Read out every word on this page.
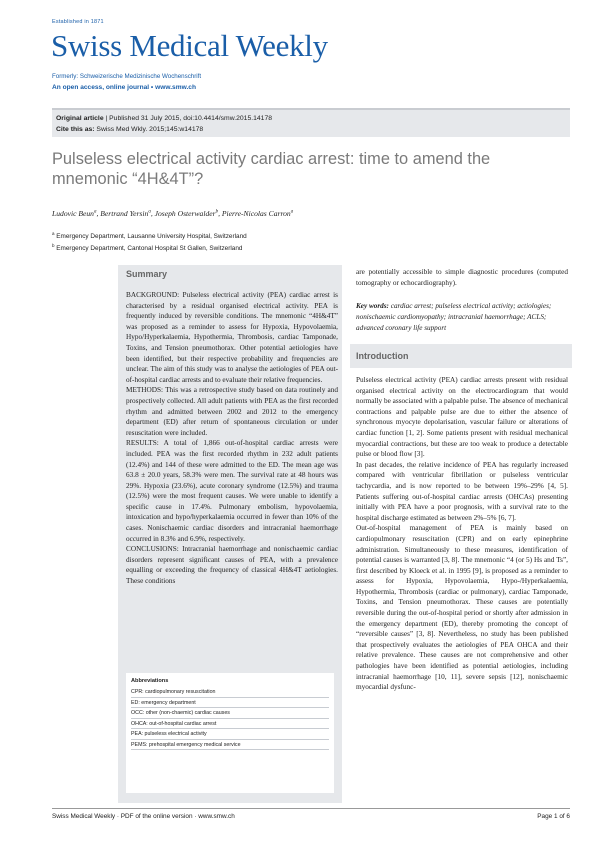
Established in 1871
Swiss Medical Weekly
Formerly: Schweizerische Medizinische Wochenschrift
An open access, online journal • www.smw.ch
Original article | Published 31 July 2015, doi:10.4414/smw.2015.14178
Cite this as: Swiss Med Wkly. 2015;145:w14178
Pulseless electrical activity cardiac arrest: time to amend the mnemonic “4H&4T”?
Ludovic Beun$^a$, Bertrand Yersin$^a$, Joseph Osterwalder$^b$, Pierre-Nicolas Carron$^a$
$^a$ Emergency Department, Lausanne University Hospital, Switzerland
$^b$ Emergency Department, Cantonal Hospital St Gallen, Switzerland
Summary

BACKGROUND: Pulseless electrical activity (PEA) cardiac arrest is characterised by a residual organised electrical activity. PEA is frequently induced by reversible conditions. The mnemonic “4H&4T” was proposed as a reminder to assess for Hypoxia, Hypovolaemia, Hypo/Hyperkalaemia, Hypothermia, Thrombosis, cardiac Tamponade, Toxins, and Tension pneumothorax. Other potential aetiologies have been identified, but their respective probability and frequencies are unclear. The aim of this study was to analyse the aetiologies of PEA out-of-hospital cardiac arrests and to evaluate their relative frequencies.

METHODS: This was a retrospective study based on data routinely and prospectively collected. All adult patients with PEA as the first recorded rhythm and admitted between 2002 and 2012 to the emergency department (ED) after return of spontaneous circulation or under resuscitation were included.

RESULTS: A total of 1,866 out-of-hospital cardiac arrests were included. PEA was the first recorded rhythm in 232 adult patients (12.4%) and 144 of these were admitted to the ED. The mean age was 63.8 ± 20.0 years, 58.3% were men. The survival rate at 48 hours was 29%. Hypoxia (23.6%), acute coronary syndrome (12.5%) and trauma (12.5%) were the most frequent causes. We were unable to identify a specific cause in 17.4%. Pulmonary embolism, hypovolaemia, intoxication and hypo/hyperkalaemia occurred in fewer than 10% of the cases. Nonischaemic cardiac disorders and intracranial haemorrhage occurred in 8.3% and 6.9%, respectively.

CONCLUSIONS: Intracranial haemorrhage and nonischaemic cardiac disorders represent significant causes of PEA, with a prevalence equalling or exceeding the frequency of classical 4H&4T aetiologies. These conditions

Abbreviations
CPR: cardiopulmonary resuscitation
ED: emergency department
OCC: other (non-chaemic) cardiac causes
OHCA: out-of-hospital cardiac arrest
PEA: pulseless electrical activity
PEMS: prehospital emergency medical service
are potentially accessible to simple diagnostic procedures (computed tomography or echocardiography).
Key words: cardiac arrest; pulseless electrical activity; actiologies; nonischaemic cardiomyopathy; intracranial haemorrhage; ACLS; advanced coronary life support
Introduction

Pulseless electrical activity (PEA) cardiac arrests present with residual organised electrical activity on the electrocardiogram that would normally be associated with a palpable pulse. The absence of mechanical contractions and palpable pulse are due to either the absence of synchronous myocyte depolarisation, vascular failure or alterations of cardiac function [1, 2]. Some patients present with residual mechanical myocardial contractions, but these are too weak to produce a detectable pulse or blood flow [3].

In past decades, the relative incidence of PEA has regularly increased compared with ventricular fibrillation or pulseless ventricular tachycardia, and is now reported to be between 19%–29% [4, 5]. Patients suffering out-of-hospital cardiac arrests (OHCAs) presenting initially with PEA have a poor prognosis, with a survival rate to the hospital discharge estimated as between 2%–5% [6, 7].

Out-of-hospital management of PEA is mainly based on cardiopulmonary resuscitation (CPR) and on early epinephrine administration. Simultaneously to these measures, identification of potential causes is warranted [3, 8]. The mnemonic “4 (or 5) Hs and Ts”, first described by Kloeck et al. in 1995 [9], is proposed as a reminder to assess for Hypoxia, Hypovolaemia, Hypo-/Hyperkalaemia, Hypothermia, Thrombosis (cardiac or pulmonary), cardiac Tamponade, Toxins, and Tension pneumothorax. These causes are potentially reversible during the out-of-hospital period or shortly after admission in the emergency department (ED), thereby promoting the concept of “reversible causes” [3, 8]. Nevertheless, no study has been published that prospectively evaluates the aetiologies of PEA OHCA and their relative prevalence. These causes are not comprehensive and other pathologies have been identified as potential aetiologies, including intracranial haemorrhage [10, 11], severe sepsis [12], nonischaemic myocardial dysfunc-

Swiss Medical Weekly · PDF of the online version · www.smw.ch	Page 1 of 6
